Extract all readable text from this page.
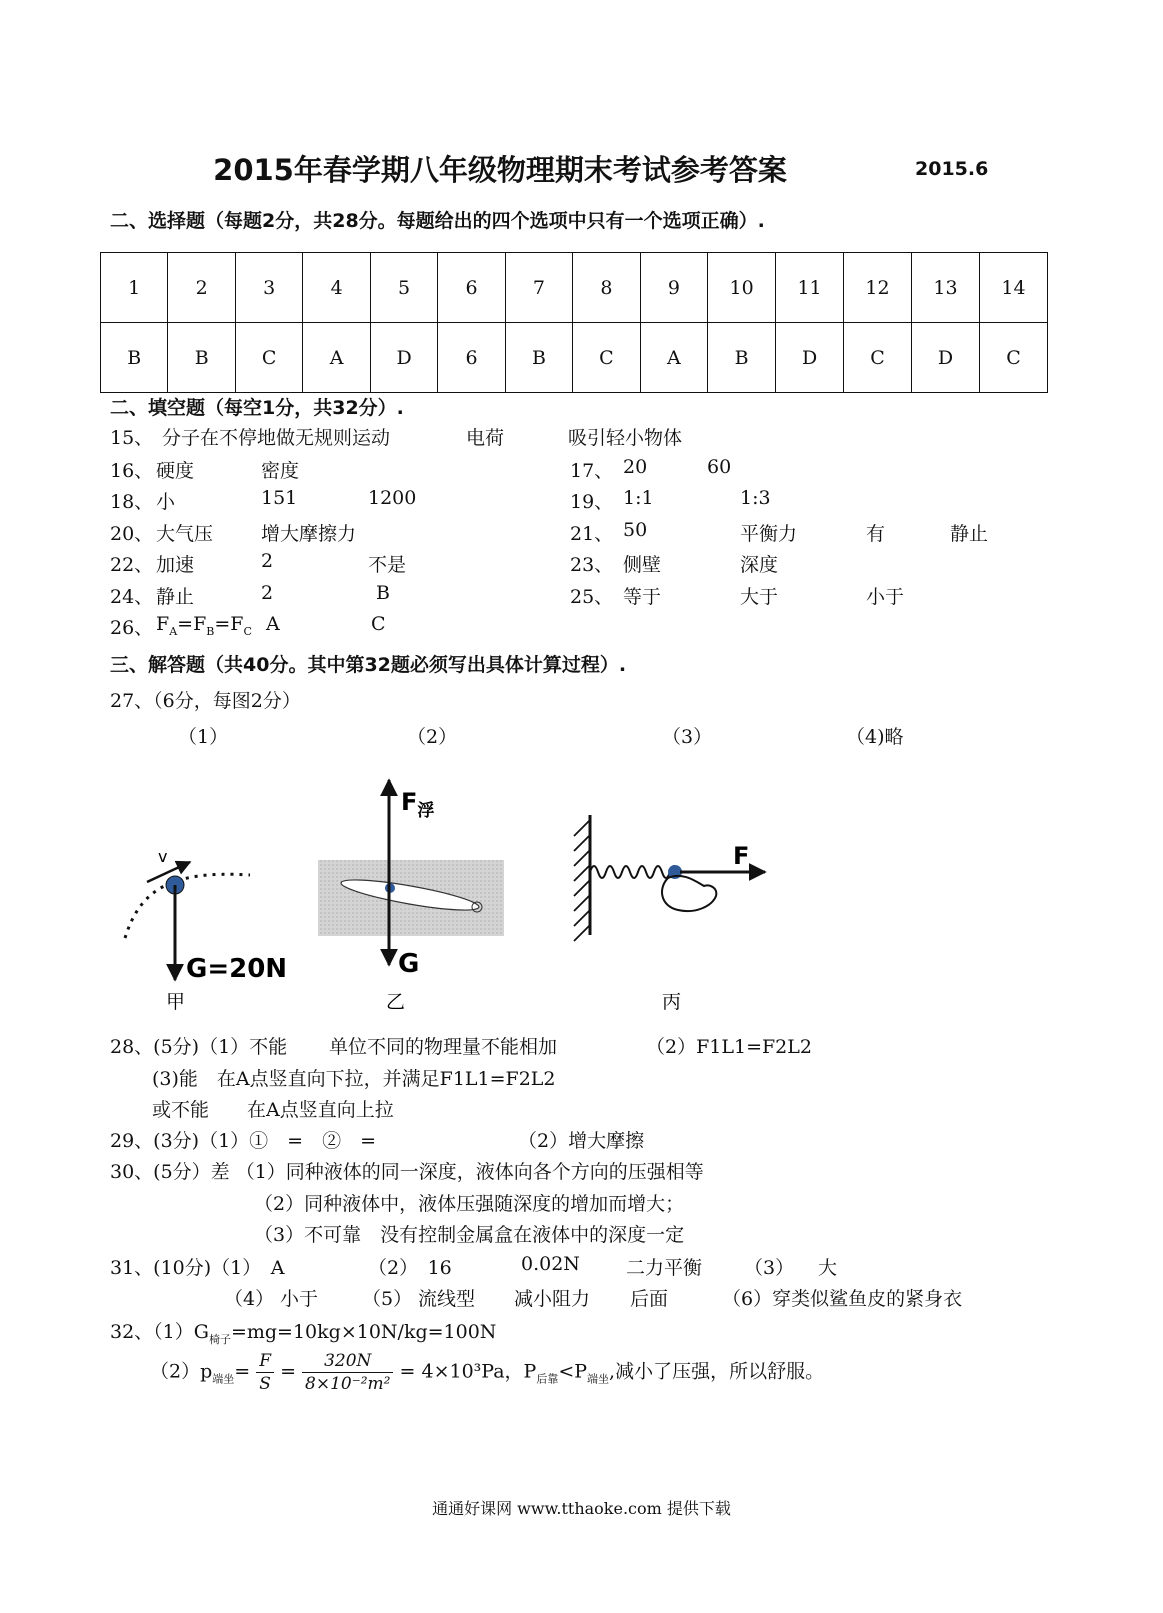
2015年春学期八年级物理期末考试参考答案	2015.6
二、选择题（每题2分，共28分。每题给出的四个选项中只有一个选项正确）.
1	2	3	4	5	6	7	8	9	10	11	12	13	14
B	B	C	A	D	6	B	C	A	B	D	C	D	C
二、填空题（每空1分，共32分）.
15、 分子在不停地做无规则运动	电荷	吸引轻小物体
16、 硬度	密度	17、 20	60
18、 小	151	1200	19、 1:1	1:3
20、 大气压	增大摩擦力	21、 50	平衡力	有	静止
22、 加速	2	不是	23、 侧壁	深度
24、 静止	2	B	25、 等于	大于	小于
26、 $F_A=F_B=F_C$ A	C
三、解答题（共40分。其中第32题必须写出具体计算过程）.
27、（6分，每图2分）
（1）	（2）	（3）	（4)略
v
G=20N
甲
$F_浮$
G
乙
F
丙
28、(5分)（1）不能 单位不同的物理量不能相加	（2）F1L1=F2L2
(3)能　在A点竖直向下拉，并满足F1L1=F2L2
或不能　　在A点竖直向上拉
29、(3分)（1）①　=　②　=	（2）增大摩擦
30、(5分）差 （1）同种液体的同一深度，液体向各个方向的压强相等
（2）同种液体中，液体压强随深度的增加而增大；
（3）不可靠　没有控制金属盒在液体中的深度一定
31、(10分)（1）　A	（2）　16	0.02N 二力平衡 （3） 大
（4） 小于 （5） 流线型 减小阻力 后面	（6）穿类似鲨鱼皮的紧身衣
32、$(1)G_{椅子}=mg=10kg\times 10N/kg=100N$
$(2)p_{端坐}= \frac{F}{S} = \frac{320N}{\text{8×10⁻²m²}} = 4\times 10^3Pa$，$P_{后靠}<P_{端坐}$,减小了压强，所以舒服。
通通好课网 www.tthaoke.com 提供下载
